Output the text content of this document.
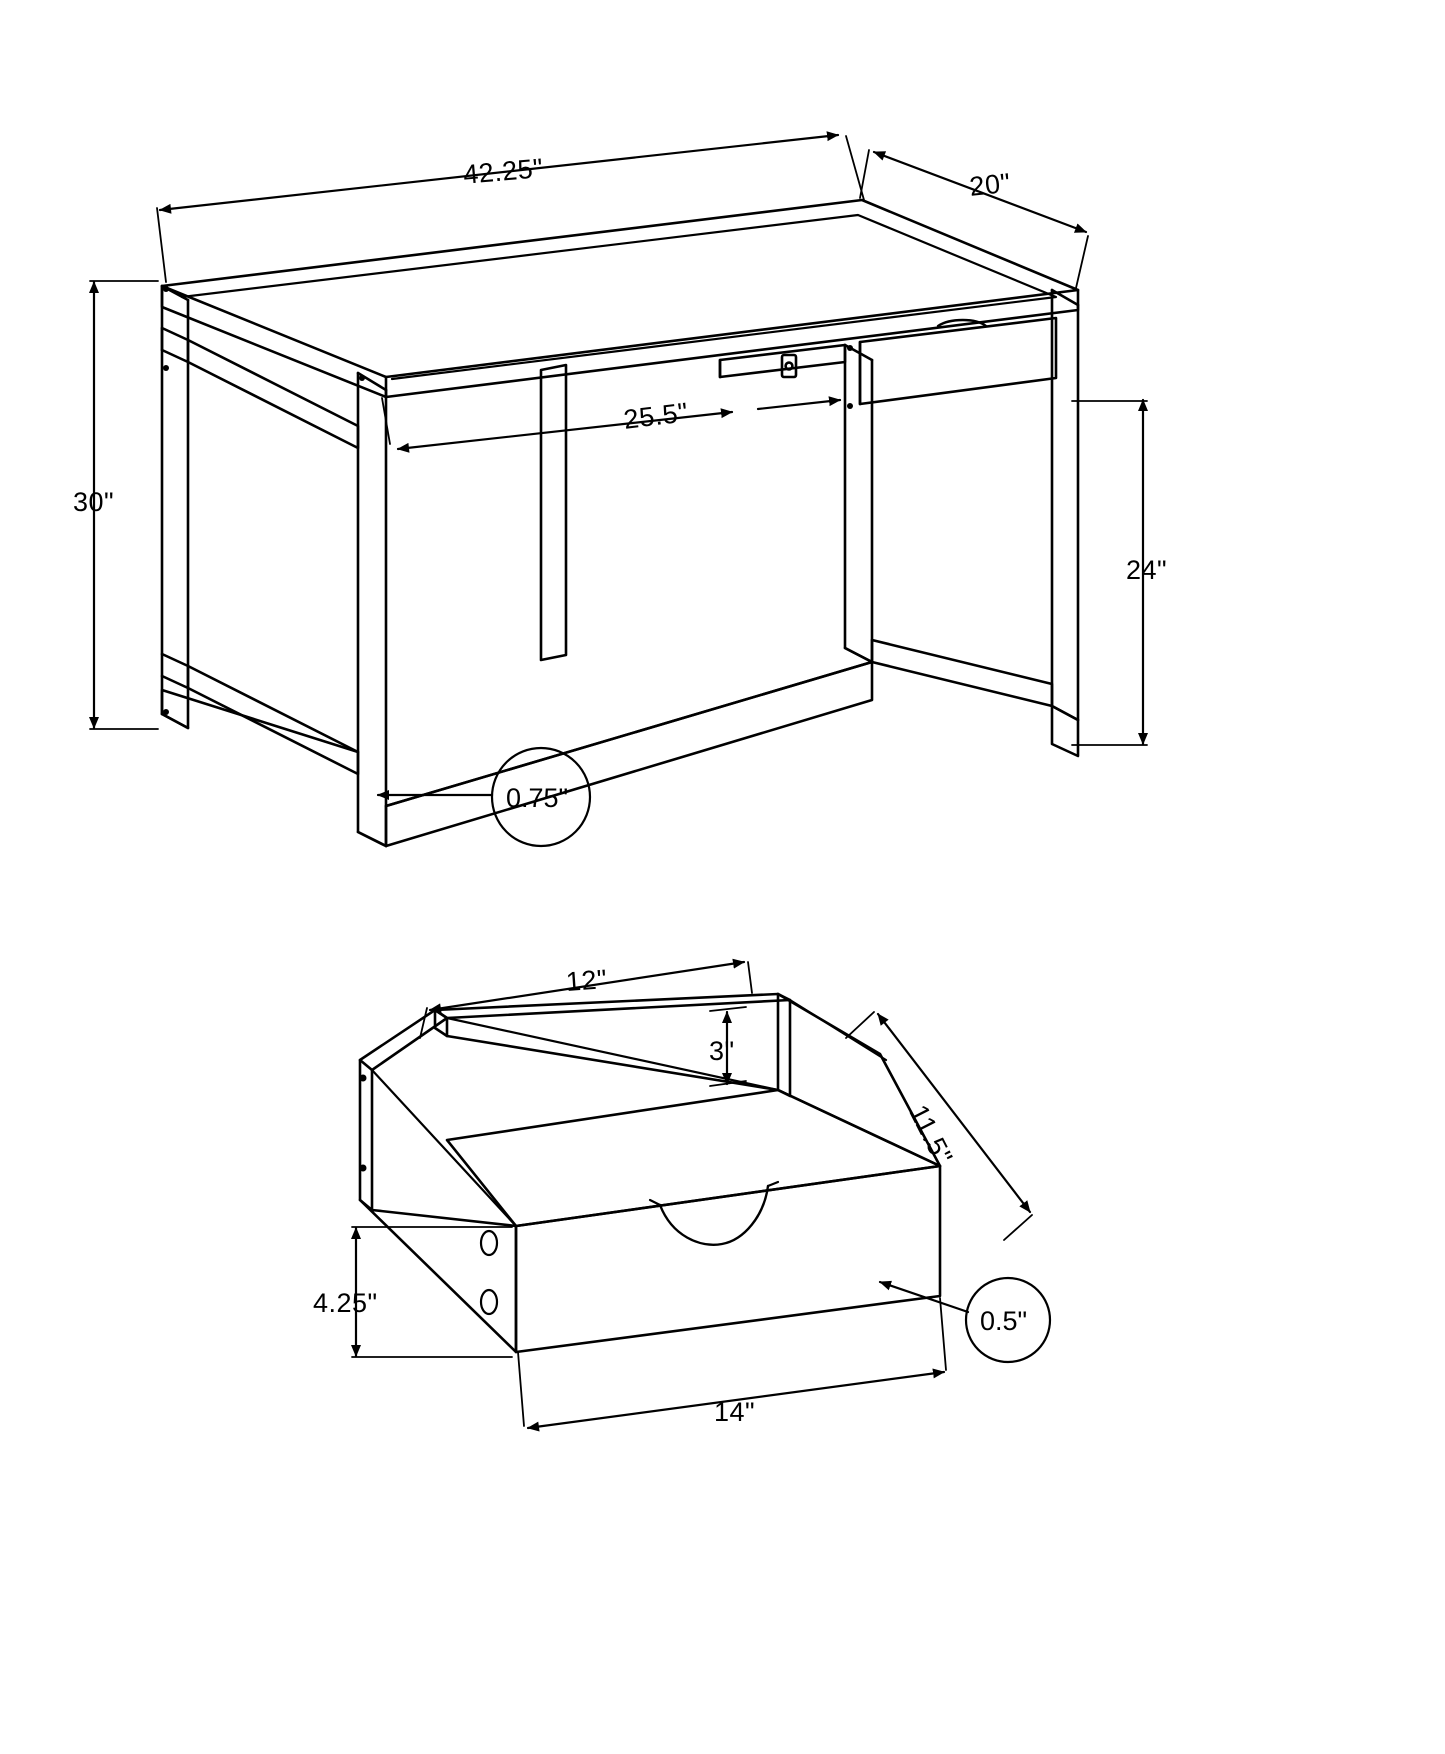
42.25"	20"
30"
25.5"
24"
0.75"
12"
3"
11.5"
4.25"
14"
0.5"
